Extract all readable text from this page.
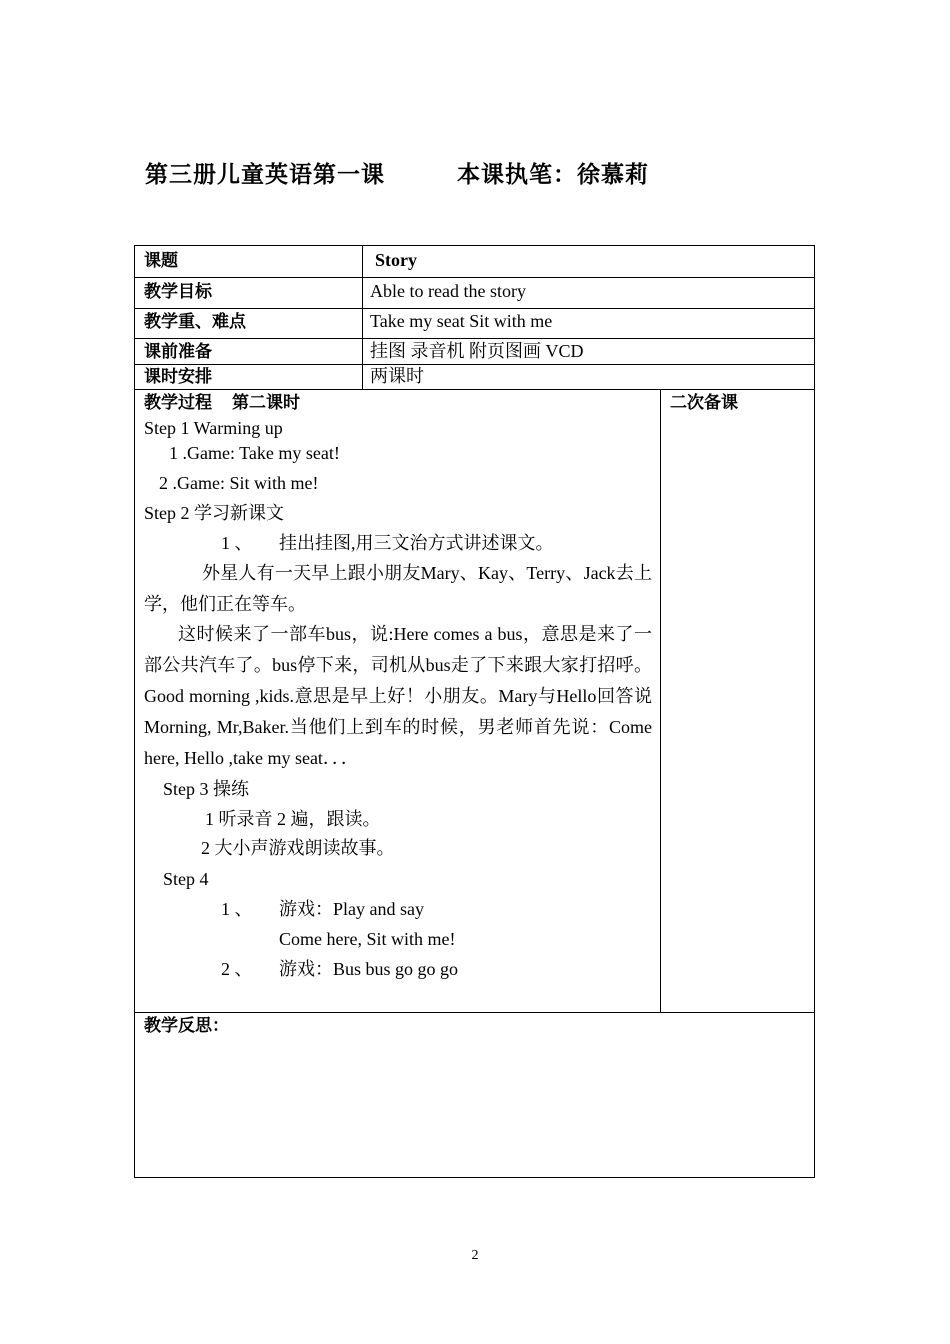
第三册儿童英语第一课	本课执笔：徐慕莉
课题	Story
教学目标	Able to read the story
教学重、难点	Take my seat Sit with me
课前准备	挂图 录音机 附页图画 VCD
课时安排	两课时
教学过程 第二课时	二次备课
Step 1 Warming up
1 .Game: Take my seat!
2 .Game: Sit with me!
Step 2 学习新课文
1 、 挂出挂图,用三文治方式讲述课文。
外星人有一天早上跟小朋友Mary、Kay、Terry、Jack去上学，他们正在等车。
这时候来了一部车bus，说:Here comes a bus，意思是来了一部公共汽车了。bus停下来，司机从bus走了下来跟大家打招呼。Good morning ,kids.意思是早上好！小朋友。Mary与Hello回答说Morning, Mr,Baker.当他们上到车的时候，男老师首先说：Come here, Hello ,take my seat．．．
Step 3 操练
1 听录音 2 遍，跟读。
2 大小声游戏朗读故事。
Step 4
1 、 游戏：Play and say
Come here, Sit with me!
2 、 游戏：Bus bus go go go
教学反思：
2
